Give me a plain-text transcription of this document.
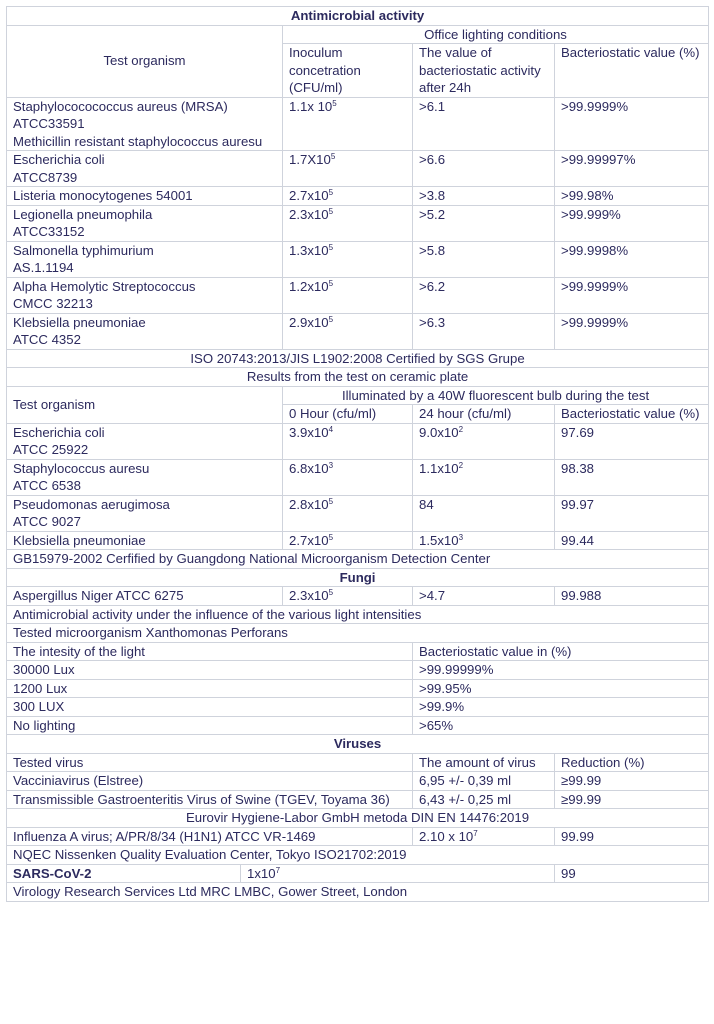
Antimicrobial activity				
Test organism		Office lighting conditions		
		Inoculum concetration (CFU/ml)	The value of bacteriostatic activity after 24h	Bacteriostatic value (%)

Staphylococococcus aureus (MRSA)
ATCC33591
Methicillin resistant staphylococcus auresu		1.1x $10^5$	>6.1	>99.9999%

Escherichia coli
ATCC8739		$1.7X10^5$	>6.6	>99.99997%

Listeria monocytogenes 54001		$2.7x10^5$	>3.8	>99.98%

Legionella pneumophila
ATCC33152		$2.3x10^5$	>5.2	>99.999%

Salmonella typhimurium
AS.1.1194		$1.3x10^5$	>5.8	>99.9998%

Alpha Hemolytic Streptococcus
CMCC 32213		$1.2x10^5$	>6.2	>99.9999%

Klebsiella pneumoniae
ATCC 4352		$2.9x10^5$	>6.3	>99.9999%
ISO 20743:2013/JIS L1902:2008 Certified by SGS Grupe				
Results from the test on ceramic plate				
Test organism		Illuminated by a 40W fluorescent bulb during the test		
		0 Hour (cfu/ml)	24 hour (cfu/ml)	Bacteriostatic value (%)

Escherichia coli
ATCC 25922		$3.9x10^4$	$9.0x10^2$	97.69

Staphylococcus auresu
ATCC 6538		$6.8x10^3$	$1.1x10^2$	98.38

Pseudomonas aerugimosa
ATCC 9027		$2.8x10^5$	84	99.97

Klebsiella pneumoniae		$2.7x10^5$	$1.5x10^3$	99.44
GB15979-2002 Cerfified by Guangdong National Microorganism Detection Center				
Fungi				
Aspergillus Niger ATCC 6275		$2.3x10^5$	>4.7	99.988
Antimicrobial activity under the influence of the various light intensities				
Tested microorganism Xanthomonas Perforans				
The intesity of the light			Bacteriostatic value in (%)	
30000 Lux			>99.99999%	
1200 Lux			>99.95%	
300 LUX			>99.9%	
No lighting			>65%	
Viruses				
Tested virus			The amount of virus	Reduction (%)
Vacciniavirus (Elstree)			6,95 +/- 0,39 ml	≥99.99
Transmissible Gastroenteritis Virus of Swine (TGEV, Toyama 36)			6,43 +/- 0,25 ml	≥99.99
Eurovir Hygiene-Labor GmbH metoda DIN EN 14476:2019				
Influenza A virus; A/PR/8/34 (H1N1) ATCC VR-1469			2.10 x $10^7$	99.99
NQEC Nissenken Quality Evaluation Center, Tokyo ISO21702:2019				
SARS-CoV-2	$1x10^7$			99
Virology Research Services Ltd MRC LMBC, Gower Street, London				
